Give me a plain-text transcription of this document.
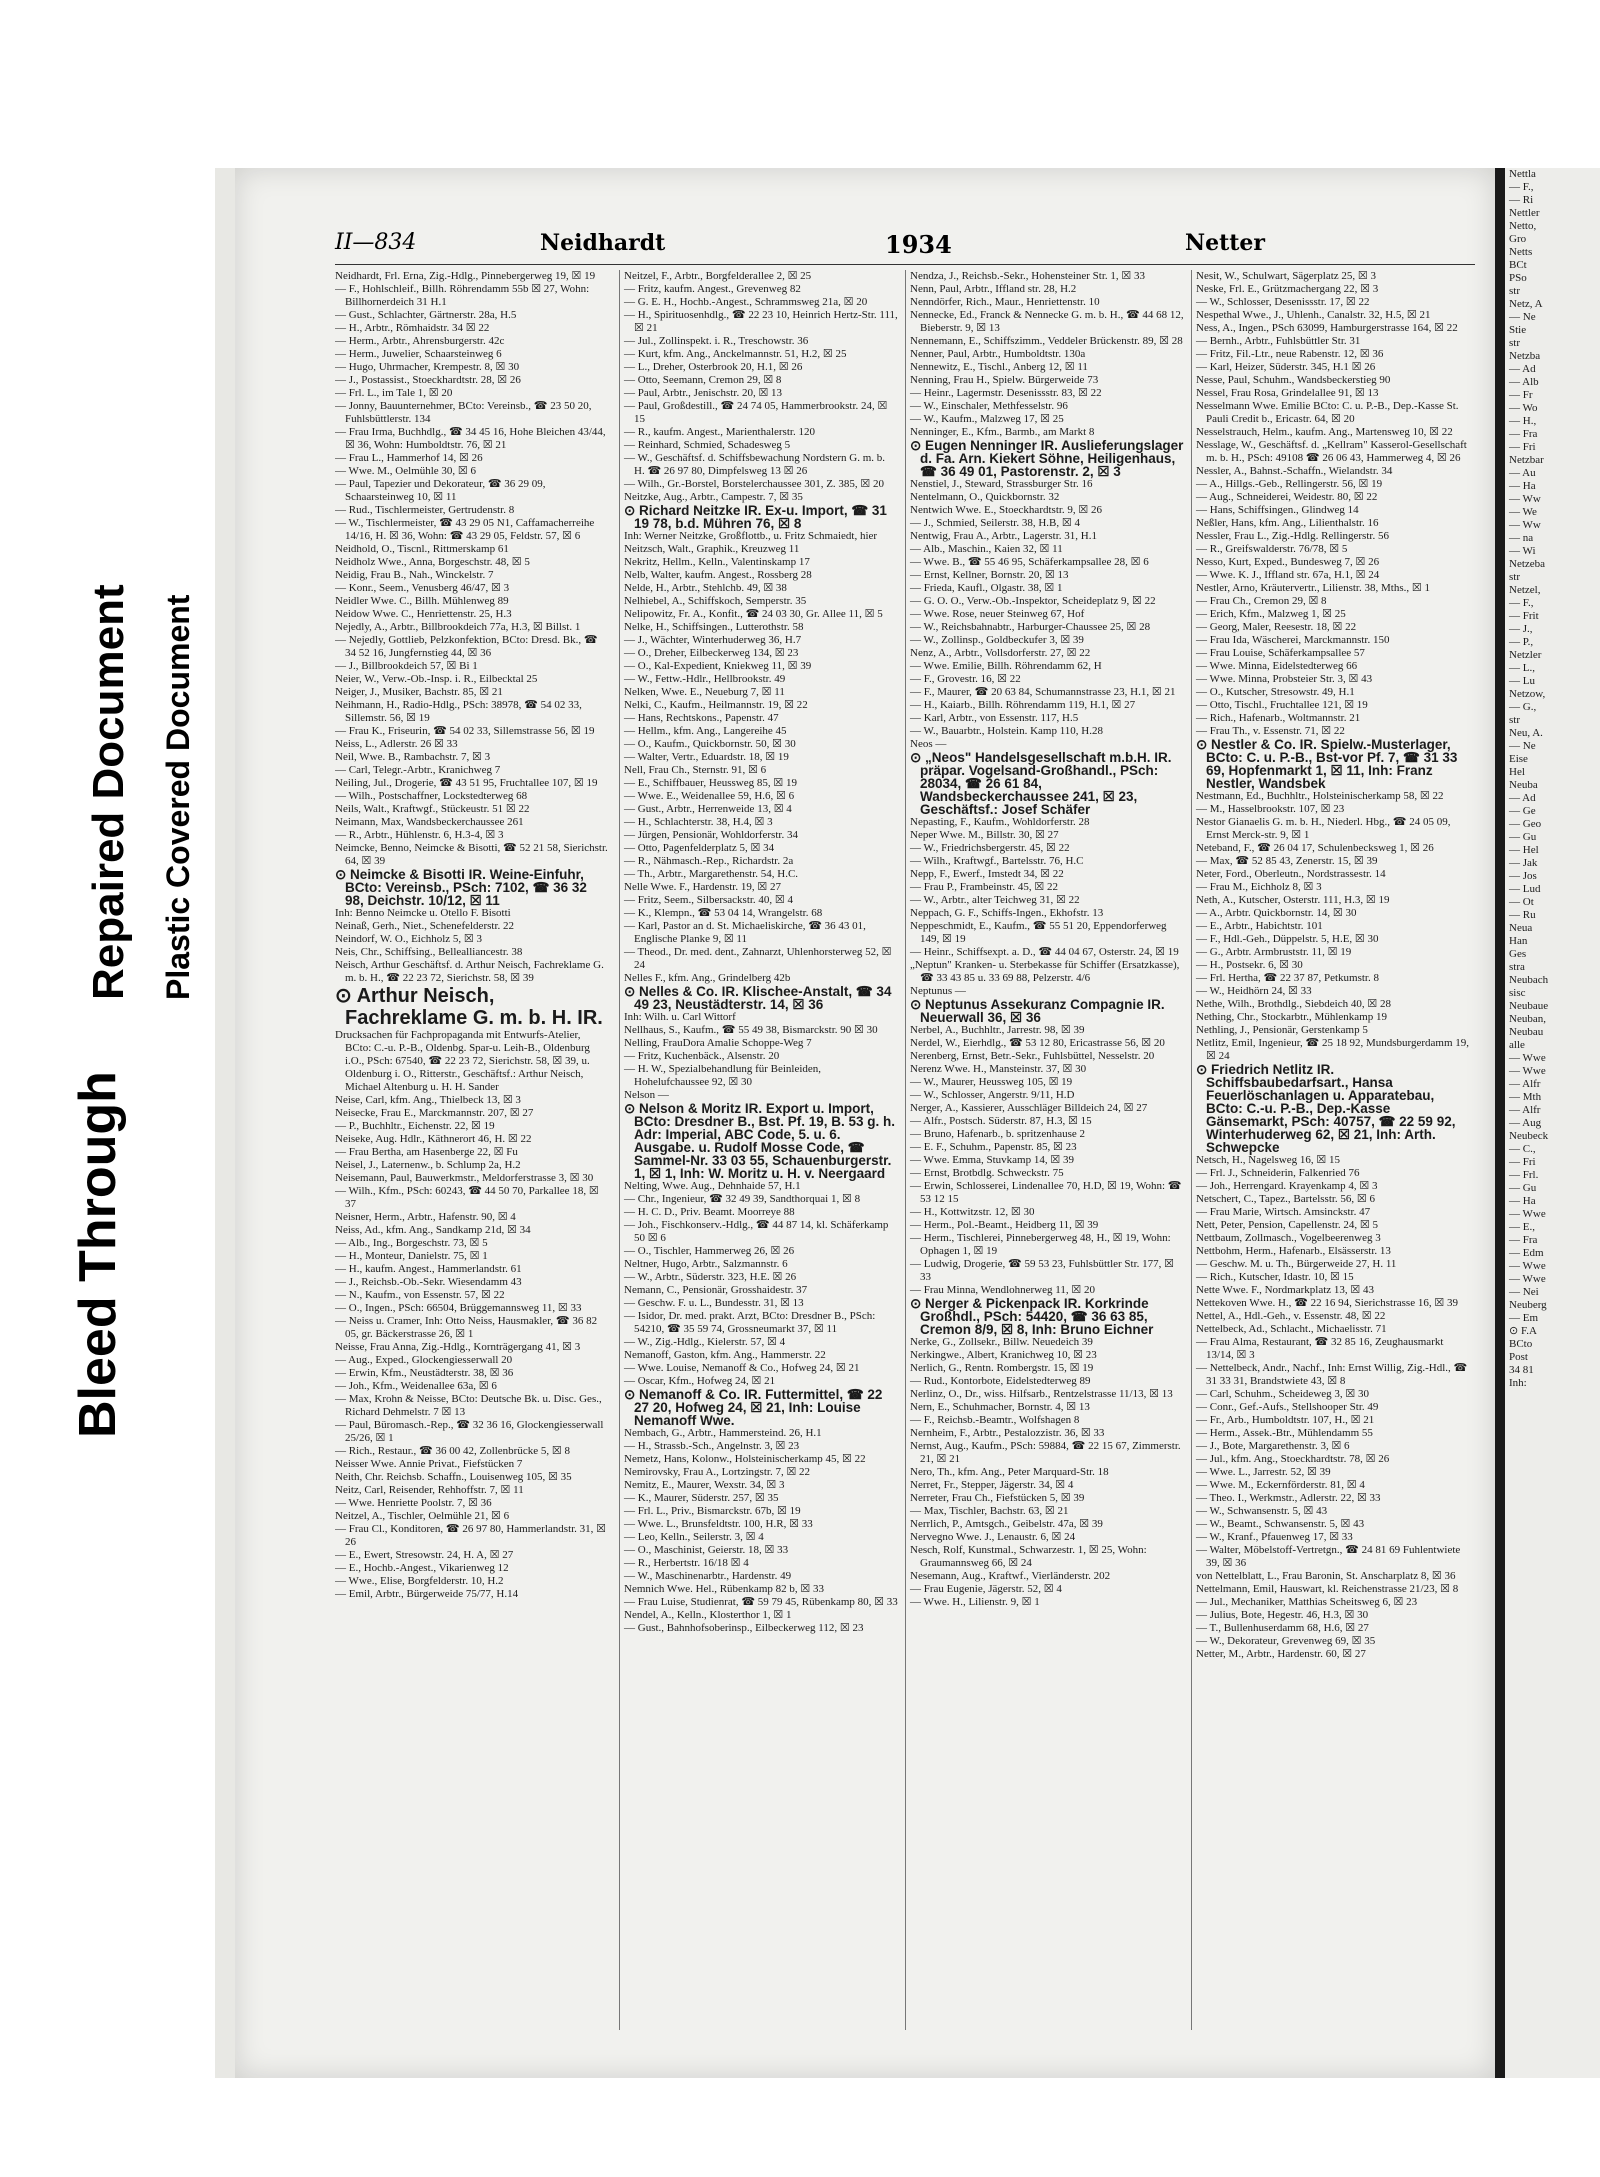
Bleed Through
Repaired Document Plastic Covered Document
II—834	Neidhardt	1934	Netter

Neidhardt, Frl. Erna, Zig.-Hdlg., Pinnebergerweg 19, ☒ 19

— F., Hohlschleif., Billh. Röhrendamm 55b ☒ 27, Wohn: Billhornerdeich 31 H.1

— Gust., Schlachter, Gärtnerstr. 28a, H.5

— H., Arbtr., Römhaidstr. 34 ☒ 22

— Herm., Arbtr., Ahrensburgerstr. 42c

— Herm., Juwelier, Schaarsteinweg 6

— Hugo, Uhrmacher, Krempestr. 8, ☒ 30

— J., Postassist., Stoeckhardtstr. 28, ☒ 26

— Frl. L., im Tale 1, ☒ 20

— Jonny, Bauunternehmer, BCto: Vereinsb., ☎ 23 50 20, Fuhlsbüttlerstr. 134

— Frau Irma, Buchhdlg., ☎ 34 45 16, Hohe Bleichen 43/44, ☒ 36, Wohn: Humboldtstr. 76, ☒ 21

— Frau L., Hammerhof 14, ☒ 26

— Wwe. M., Oelmühle 30, ☒ 6

— Paul, Tapezier und Dekorateur, ☎ 36 29 09, Schaarsteinweg 10, ☒ 11

— Rud., Tischlermeister, Gertrudenstr. 8

— W., Tischlermeister, ☎ 43 29 05 N1, Caffamacherreihe 14/16, H. ☒ 36, Wohn: ☎ 43 29 05, Feldstr. 57, ☒ 6

Neidhold, O., Tiscnl., Rittmerskamp 61

Neidholz Wwe., Anna, Borgeschstr. 48, ☒ 5

Neidig, Frau B., Nah., Winckelstr. 7

— Konr., Seem., Venusberg 46/47, ☒ 3

Neidler Wwe. C., Billh. Mühlenweg 89

Neidow Wwe. C., Henriettenstr. 25, H.3

Nejedly, A., Arbtr., Billbrookdeich 77a, H.3, ☒ Billst. 1

— Nejedly, Gottlieb, Pelzkonfektion, BCto: Dresd. Bk., ☎ 34 52 16, Jungfernstieg 44, ☒ 36

— J., Billbrookdeich 57, ☒ Bi 1

Neier, W., Verw.-Ob.-Insp. i. R., Eilbecktal 25

Neiger, J., Musiker, Bachstr. 85, ☒ 21

Neihmann, H., Radio-Hdlg., PSch: 38978, ☎ 54 02 33, Sillemstr. 56, ☒ 19

— Frau K., Friseurin, ☎ 54 02 33, Sillemstrasse 56, ☒ 19

Neiss, L., Adlerstr. 26 ☒ 33

Neil, Wwe. B., Rambachstr. 7, ☒ 3

— Carl, Telegr.-Arbtr., Kranichweg 7

Neiling, Jul., Drogerie, ☎ 43 51 95, Fruchtallee 107, ☒ 19

— Wilh., Postschaffner, Lockstedterweg 68

Neils, Walt., Kraftwgf., Stückeustr. 51 ☒ 22

Neimann, Max, Wandsbeckerchaussee 261

— R., Arbtr., Hühlenstr. 6, H.3-4, ☒ 3

Neimcke, Benno, Neimcke & Bisotti, ☎ 52 21 58, Sierichstr. 64, ☒ 39

⊙ Neimcke & Bisotti IR. Weine-Einfuhr, BCto: Vereinsb., PSch: 7102, ☎ 36 32 98, Deichstr. 10/12, ☒ 11

Inh: Benno Neimcke u. Otello F. Bisotti

Neinaß, Gerh., Niet., Schenefelderstr. 22

Neindorf, W. O., Eichholz 5, ☒ 3

Neis, Chr., Schiffsing., Bellealliancestr. 38

Neisch, Arthur Geschäftsf. d. Arthur Neisch, Fachreklame G. m. b. H., ☎ 22 23 72, Sierichstr. 58, ☒ 39

⊙ Arthur Neisch, Fachreklame G. m. b. H. IR.

Drucksachen für Fachpropaganda mit Entwurfs-Atelier, BCto: C.-u. P.-B., Oldenbg. Spar-u. Leih-B., Oldenburg i.O., PSch: 67540, ☎ 22 23 72, Sierichstr. 58, ☒ 39, u. Oldenburg i. O., Ritterstr., Geschäftsf.: Arthur Neisch, Michael Altenburg u. H. H. Sander

Neise, Carl, kfm. Ang., Thielbeck 13, ☒ 3

Neisecke, Frau E., Marckmannstr. 207, ☒ 27

— P., Buchhltr., Eichenstr. 22, ☒ 19

Neiseke, Aug. Hdlr., Käthnerort 46, H. ☒ 22

— Frau Bertha, am Hasenberge 22, ☒ Fu

Neisel, J., Laternenw., b. Schlump 2a, H.2

Neisemann, Paul, Bauwerkmstr., Meldorferstrasse 3, ☒ 30

— Wilh., Kfm., PSch: 60243, ☎ 44 50 70, Parkallee 18, ☒ 37

Neisner, Herm., Arbtr., Hafenstr. 90, ☒ 4

Neiss, Ad., kfm. Ang., Sandkamp 21d, ☒ 34

— Alb., Ing., Borgeschstr. 73, ☒ 5

— H., Monteur, Danielstr. 75, ☒ 1

— H., kaufm. Angest., Hammerlandstr. 61

— J., Reichsb.-Ob.-Sekr. Wiesendamm 43

— N., Kaufm., von Essenstr. 57, ☒ 22

— O., Ingen., PSch: 66504, Brüggemannsweg 11, ☒ 33

— Neiss u. Cramer, Inh: Otto Neiss, Hausmakler, ☎ 36 82 05, gr. Bäckerstrasse 26, ☒ 1

Neisse, Frau Anna, Zig.-Hdlg., Kornträgergang 41, ☒ 3

— Aug., Exped., Glockengiesserwall 20

— Erwin, Kfm., Neustädterstr. 38, ☒ 36

— Joh., Kfm., Weidenallee 63a, ☒ 6

— Max, Krohn & Neisse, BCto: Deutsche Bk. u. Disc. Ges., Richard Dehmelstr. 7 ☒ 13

— Paul, Büromasch.-Rep., ☎ 32 36 16, Glockengiesserwall 25/26, ☒ 1

— Rich., Restaur., ☎ 36 00 42, Zollenbrücke 5, ☒ 8

Neisser Wwe. Annie Privat., Fiefstücken 7

Neith, Chr. Reichsb. Schaffn., Louisenweg 105, ☒ 35

Neitz, Carl, Reisender, Rehhoffstr. 7, ☒ 11

— Wwe. Henriette Poolstr. 7, ☒ 36

Neitzel, A., Tischler, Oelmühle 21, ☒ 6

— Frau Cl., Konditoren, ☎ 26 97 80, Hammerlandstr. 31, ☒ 26

— E., Ewert, Stresowstr. 24, H. A, ☒ 27

— E., Hochb.-Angest., Vikarienweg 12

— Wwe., Elise, Borgfelderstr. 10, H.2

— Emil, Arbtr., Bürgerweide 75/77, H.14

Neitzel, F., Arbtr., Borgfelderallee 2, ☒ 25

— Fritz, kaufm. Angest., Grevenweg 82

— G. E. H., Hochb.-Angest., Schrammsweg 21a, ☒ 20

— H., Spirituosenhdlg., ☎ 22 23 10, Heinrich Hertz-Str. 111, ☒ 21

— Jul., Zollinspekt. i. R., Treschowstr. 36

— Kurt, kfm. Ang., Anckelmannstr. 51, H.2, ☒ 25

— L., Dreher, Osterbrook 20, H.1, ☒ 26

— Otto, Seemann, Cremon 29, ☒ 8

— Paul, Arbtr., Jenischstr. 20, ☒ 13

— Paul, Großdestill., ☎ 24 74 05, Hammerbrookstr. 24, ☒ 15

— R., kaufm. Angest., Marienthalerstr. 120

— Reinhard, Schmied, Schadesweg 5

— W., Geschäftsf. d. Schiffsbewachung Nordstern G. m. b. H. ☎ 26 97 80, Dimpfelsweg 13 ☒ 26

— Wilh., Gr.-Borstel, Borstelerchaussee 301, Z. 385, ☒ 20

Neitzke, Aug., Arbtr., Campestr. 7, ☒ 35

⊙ Richard Neitzke IR. Ex-u. Import, ☎ 31 19 78, b.d. Mühren 76, ☒ 8

Inh: Werner Neitzke, Großflottb., u. Fritz Schmaiedt, hier

Neitzsch, Walt., Graphik., Kreuzweg 11

Nekritz, Hellm., Kelln., Valentinskamp 17

Nelb, Walter, kaufm. Angest., Rossberg 28

Nelde, H., Arbtr., Stehlchb. 49, ☒ 38

Nelhiebel, A., Schiffskoch, Semperstr. 35

Nelipowitz, Fr. A., Konfit., ☎ 24 03 30, Gr. Allee 11, ☒ 5

Nelke, H., Schiffsingen., Lutterothstr. 58

— J., Wächter, Winterhuderweg 36, H.7

— O., Dreher, Eilbeckerweg 134, ☒ 23

— O., Kal-Expedient, Kniekweg 11, ☒ 39

— W., Fettw.-Hdlr., Hellbrookstr. 49

Nelken, Wwe. E., Neueburg 7, ☒ 11

Nelki, C., Kaufm., Heilmannstr. 19, ☒ 22

— Hans, Rechtskons., Papenstr. 47

— Hellm., kfm. Ang., Langereihe 45

— O., Kaufm., Quickbornstr. 50, ☒ 30

— Walter, Vertr., Eduardstr. 18, ☒ 19

Nell, Frau Ch., Sternstr. 91, ☒ 6

— E., Schiffbauer, Heussweg 85, ☒ 19

— Wwe. E., Weidenallee 59, H.6, ☒ 6

— Gust., Arbtr., Herrenweide 13, ☒ 4

— H., Schlachterstr. 38, H.4, ☒ 3

— Jürgen, Pensionär, Wohldorferstr. 34

— Otto, Pagenfelderplatz 5, ☒ 34

— R., Nähmasch.-Rep., Richardstr. 2a

— Th., Arbtr., Margarethenstr. 54, H.C.

Nelle Wwe. F., Hardenstr. 19, ☒ 27

— Fritz, Seem., Silbersackstr. 40, ☒ 4

— K., Klempn., ☎ 53 04 14, Wrangelstr. 68

— Karl, Pastor an d. St. Michaeliskirche, ☎ 36 43 01, Englische Planke 9, ☒ 11

— Theod., Dr. med. dent., Zahnarzt, Uhlenhorsterweg 52, ☒ 24

Nelles F., kfm. Ang., Grindelberg 42b

⊙ Nelles & Co. IR. Klischee-Anstalt, ☎ 34 49 23, Neustädterstr. 14, ☒ 36

Inh: Wilh. u. Carl Wittorf

Nellhaus, S., Kaufm., ☎ 55 49 38, Bismarckstr. 90 ☒ 30

Nelling, FrauDora Amalie Schoppe-Weg 7

— Fritz, Kuchenbäck., Alsenstr. 20

— H. W., Spezialbehandlung für Beinleiden, Hohelufchaussee 92, ☒ 30

Nelson —

⊙ Nelson & Moritz IR. Export u. Import, BCto: Dresdner B., Bst. Pf. 19, B. 53 g. h. Adr: Imperial, ABC Code, 5. u. 6. Ausgabe. u. Rudolf Mosse Code, ☎ Sammel-Nr. 33 03 55, Schauenburgerstr. 1, ☒ 1, Inh: W. Moritz u. H. v. Neergaard

Nelting, Wwe. Aug., Dehnhaide 57, H.1

— Chr., Ingenieur, ☎ 32 49 39, Sandthorquai 1, ☒ 8

— H. C. D., Priv. Beamt. Moorreye 88

— Joh., Fischkonserv.-Hdlg., ☎ 44 87 14, kl. Schäferkamp 50 ☒ 6

— O., Tischler, Hammerweg 26, ☒ 26

Neltner, Hugo, Arbtr., Salzmannstr. 6

— W., Arbtr., Süderstr. 323, H.E. ☒ 26

Nemann, C., Pensionär, Grosshaidestr. 37

— Geschw. F. u. L., Bundesstr. 31, ☒ 13

— Isidor, Dr. med. prakt. Arzt, BCto: Dresdner B., PSch: 54210, ☎ 35 59 74, Grossneumarkt 37, ☒ 11

— W., Zig.-Hdlg., Kielerstr. 57, ☒ 4

Nemanoff, Gaston, kfm. Ang., Hammerstr. 22

— Wwe. Louise, Nemanoff & Co., Hofweg 24, ☒ 21

— Oscar, Kfm., Hofweg 24, ☒ 21

⊙ Nemanoff & Co. IR. Futtermittel, ☎ 22 27 20, Hofweg 24, ☒ 21, Inh: Louise Nemanoff Wwe.

Nembach, G., Arbtr., Hammersteind. 26, H.1

— H., Strassb.-Sch., Angelnstr. 3, ☒ 23

Nemetz, Hans, Kolonw., Holsteinischerkamp 45, ☒ 22

Nemirovsky, Frau A., Lortzingstr. 7, ☒ 22

Nemitz, E., Maurer, Wexstr. 34, ☒ 3

— K., Maurer, Süderstr. 257, ☒ 35

— Frl. L., Priv., Bismarckstr. 67b, ☒ 19

— Wwe. L., Brunsfeldtstr. 100, H.R, ☒ 33

— Leo, Kelln., Seilerstr. 3, ☒ 4

— O., Maschinist, Geierstr. 18, ☒ 33

— R., Herbertstr. 16/18 ☒ 4

— W., Maschinenarbtr., Hardenstr. 49

Nemnich Wwe. Hel., Rübenkamp 82 b, ☒ 33

— Frau Luise, Studienrat, ☎ 59 79 45, Rübenkamp 80, ☒ 33

Nendel, A., Kelln., Klosterthor 1, ☒ 1

— Gust., Bahnhofsoberinsp., Eilbeckerweg 112, ☒ 23

Nendza, J., Reichsb.-Sekr., Hohensteiner Str. 1, ☒ 33

Nenn, Paul, Arbtr., Iffland str. 28, H.2

Nenndörfer, Rich., Maur., Henriettenstr. 10

Nennecke, Ed., Franck & Nennecke G. m. b. H., ☎ 44 68 12, Bieberstr. 9, ☒ 13

Nennemann, E., Schiffszimm., Veddeler Brückenstr. 89, ☒ 28

Nenner, Paul, Arbtr., Humboldtstr. 130a

Nennewitz, E., Tischl., Anberg 12, ☒ 11

Nenning, Frau H., Spielw. Bürgerweide 73

— Heinr., Lagermstr. Desenissstr. 83, ☒ 22

— W., Einschaler, Methfesselstr. 96

— W., Kaufm., Malzweg 17, ☒ 25

Nenninger, E., Kfm., Barmb., am Markt 8

⊙ Eugen Nenninger IR. Auslieferungslager d. Fa. Arn. Kiekert Söhne, Heiligenhaus, ☎ 36 49 01, Pastorenstr. 2, ☒ 3

Nenstiel, J., Steward, Strassburger Str. 16

Nentelmann, O., Quickbornstr. 32

Nentwich Wwe. E., Stoeckhardtstr. 9, ☒ 26

— J., Schmied, Seilerstr. 38, H.B, ☒ 4

Nentwig, Frau A., Arbtr., Lagerstr. 31, H.1

— Alb., Maschin., Kaien 32, ☒ 11

— Wwe. B., ☎ 55 46 95, Schäferkampsallee 28, ☒ 6

— Ernst, Kellner, Bornstr. 20, ☒ 13

— Frieda, Kaufl., Olgastr. 38, ☒ 1

— G. O. O., Verw.-Ob.-Inspektor, Scheideplatz 9, ☒ 22

— Wwe. Rose, neuer Steinweg 67, Hof

— W., Reichsbahnabtr., Harburger-Chaussee 25, ☒ 28

— W., Zollinsp., Goldbeckufer 3, ☒ 39

Nenz, A., Arbtr., Vollsdorferstr. 27, ☒ 22

— Wwe. Emilie, Billh. Röhrendamm 62, H

— F., Grovestr. 16, ☒ 22

— F., Maurer, ☎ 20 63 84, Schumannstrasse 23, H.1, ☒ 21

— H., Kaiarb., Billh. Röhrendamm 119, H.1, ☒ 27

— Karl, Arbtr., von Essenstr. 117, H.5

— W., Bauarbtr., Holstein. Kamp 110, H.28

Neos —

⊙ „Neos" Handelsgesellschaft m.b.H. IR. präpar. Vogelsand-Großhandl., PSch: 28034, ☎ 26 61 84, Wandsbeckerchaussee 241, ☒ 23, Geschäftsf.: Josef Schäfer

Nepasting, F., Kaufm., Wohldorferstr. 28

Neper Wwe. M., Billstr. 30, ☒ 27

— W., Friedrichsbergerstr. 45, ☒ 22

— Wilh., Kraftwgf., Bartelsstr. 76, H.C

Nepp, F., Ewerf., Imstedt 34, ☒ 22

— Frau P., Frambeinstr. 45, ☒ 22

— W., Arbtr., alter Teichweg 31, ☒ 22

Neppach, G. F., Schiffs-Ingen., Ekhofstr. 13

Neppeschmidt, E., Kaufm., ☎ 55 51 20, Eppendorferweg 149, ☒ 19

— Heinr., Schiffsexpt. a. D., ☎ 44 04 67, Osterstr. 24, ☒ 19

„Neptun" Kranken- u. Sterbekasse für Schiffer (Ersatzkasse), ☎ 33 43 85 u. 33 69 88, Pelzerstr. 4/6

Neptunus —

⊙ Neptunus Assekuranz Compagnie IR. Neuerwall 36, ☒ 36

Nerbel, A., Buchhltr., Jarrestr. 98, ☒ 39

Nerdel, W., Eierhdlg., ☎ 53 12 80, Ericastrasse 56, ☒ 20

Nerenberg, Ernst, Betr.-Sekr., Fuhlsbüttel, Nesselstr. 20

Nerenz Wwe. H., Mansteinstr. 37, ☒ 30

— W., Maurer, Heussweg 105, ☒ 19

— W., Schlosser, Angerstr. 9/11, H.D

Nerger, A., Kassierer, Ausschläger Billdeich 24, ☒ 27

— Alfr., Postsch. Süderstr. 87, H.3, ☒ 15

— Bruno, Hafenarb., b. spritzenhause 2

— E. F., Schuhm., Papenstr. 85, ☒ 23

— Wwe. Emma, Stuvkamp 14, ☒ 39

— Ernst, Brotbdlg. Schweckstr. 75

— Erwin, Schlosserei, Lindenallee 70, H.D, ☒ 19, Wohn: ☎ 53 12 15

— H., Kottwitzstr. 12, ☒ 30

— Herm., Pol.-Beamt., Heidberg 11, ☒ 39

— Herm., Tischlerei, Pinnebergerweg 48, H., ☒ 19, Wohn: Ophagen 1, ☒ 19

— Ludwig, Drogerie, ☎ 59 53 23, Fuhlsbüttler Str. 177, ☒ 33

— Frau Minna, Wendlohnerweg 11, ☒ 20

⊙ Nerger & Pickenpack IR. Korkrinde Großhdl., PSch: 54420, ☎ 36 63 85, Cremon 8/9, ☒ 8, Inh: Bruno Eichner

Nerke, G., Zollsekr., Billw. Neuedeich 39

Nerkingwe., Albert, Kranichweg 10, ☒ 23

Nerlich, G., Rentn. Rombergstr. 15, ☒ 19

— Rud., Kontorbote, Eidelstedterweg 89

Nerlinz, O., Dr., wiss. Hilfsarb., Rentzelstrasse 11/13, ☒ 13

Nern, E., Schuhmacher, Bornstr. 4, ☒ 13

— F., Reichsb.-Beamtr., Wolfshagen 8

Nernheim, F., Arbtr., Pestalozzistr. 36, ☒ 33

Nernst, Aug., Kaufm., PSch: 59884, ☎ 22 15 67, Zimmerstr. 21, ☒ 21

Nero, Th., kfm. Ang., Peter Marquard-Str. 18

Nerret, Fr., Stepper, Jägerstr. 34, ☒ 4

Nerreter, Frau Ch., Fiefstücken 5, ☒ 39

— Max, Tischler, Bachstr. 63, ☒ 21

Nerrlich, P., Amtsgch., Geibelstr. 47a, ☒ 39

Nervegno Wwe. J., Lenaustr. 6, ☒ 24

Nesch, Rolf, Kunstmal., Schwarzestr. 1, ☒ 25, Wohn: Graumannsweg 66, ☒ 24

Nesemann, Aug., Kraftwf., Vierländerstr. 202

— Frau Eugenie, Jägerstr. 52, ☒ 4

— Wwe. H., Lilienstr. 9, ☒ 1

Nesit, W., Schulwart, Sägerplatz 25, ☒ 3

Neske, Frl. E., Grützmachergang 22, ☒ 3

— W., Schlosser, Desenissstr. 17, ☒ 22

Nespethal Wwe., J., Uhlenh., Canalstr. 32, H.5, ☒ 21

Ness, A., Ingen., PSch 63099, Hamburgerstrasse 164, ☒ 22

— Bernh., Arbtr., Fuhlsbüttler Str. 31

— Fritz, Fil.-Ltr., neue Rabenstr. 12, ☒ 36

— Karl, Heizer, Süderstr. 345, H.1 ☒ 26

Nesse, Paul, Schuhm., Wandsbeckerstieg 90

Nessel, Frau Rosa, Grindelallee 91, ☒ 13

Nesselmann Wwe. Emilie BCto: C. u. P.-B., Dep.-Kasse St. Pauli Credit b., Ericastr. 64, ☒ 20

Nesselstrauch, Helm., kaufm. Ang., Martensweg 10, ☒ 22

Nesslage, W., Geschäftsf. d. „Kellram" Kasserol-Gesellschaft m. b. H., PSch: 49108 ☎ 26 06 43, Hammerweg 4, ☒ 26

Nessler, A., Bahnst.-Schaffn., Wielandstr. 34

— A., Hillgs.-Geb., Rellingerstr. 56, ☒ 19

— Aug., Schneiderei, Weidestr. 80, ☒ 22

— Hans, Schiffsingen., Glindweg 14

Neßler, Hans, kfm. Ang., Lilienthalstr. 16

Nessler, Frau L., Zig.-Hdlg. Rellingerstr. 56

— R., Greifswalderstr. 76/78, ☒ 5

Nesso, Kurt, Exped., Bundesweg 7, ☒ 26

— Wwe. K. J., Iffland str. 67a, H.1, ☒ 24

Nestler, Arno, Kräutervertr., Lilienstr. 38, Mths., ☒ 1

— Frau Ch., Cremon 29, ☒ 8

— Erich, Kfm., Malzweg 1, ☒ 25

— Georg, Maler, Reesestr. 18, ☒ 22

— Frau Ida, Wäscherei, Marckmannstr. 150

— Frau Louise, Schäferkampsallee 57

— Wwe. Minna, Eidelstedterweg 66

— Wwe. Minna, Probsteier Str. 3, ☒ 43

— O., Kutscher, Stresowstr. 49, H.1

— Otto, Tischl., Fruchtallee 121, ☒ 19

— Rich., Hafenarb., Woltmannstr. 21

— Frau Th., v. Essenstr. 71, ☒ 22

⊙ Nestler & Co. IR. Spielw.-Musterlager, BCto: C. u. P.-B., Bst-vor Pf. 7, ☎ 31 33 69, Hopfenmarkt 1, ☒ 11, Inh: Franz Nestler, Wandsbek

Nestmann, Ed., Buchhltr., Holsteinischerkamp 58, ☒ 22

— M., Hasselbrookstr. 107, ☒ 23

Nestor Gianaelis G. m. b. H., Niederl. Hbg., ☎ 24 05 09, Ernst Merck-str. 9, ☒ 1

Neteband, F., ☎ 26 04 17, Schulenbecksweg 1, ☒ 26

— Max, ☎ 52 85 43, Zenerstr. 15, ☒ 39

Neter, Ford., Oberleutn., Nordstrassestr. 14

— Frau M., Eichholz 8, ☒ 3

Neth, A., Kutscher, Osterstr. 111, H.3, ☒ 19

— A., Arbtr. Quickbornstr. 14, ☒ 30

— E., Arbtr., Habichtstr. 101

— F., Hdl.-Geh., Düppelstr. 5, H.E, ☒ 30

— G., Arbtr. Armbruststr. 11, ☒ 19

— H., Postsekr. 6, ☒ 30

— Frl. Hertha, ☎ 22 37 87, Petkumstr. 8

— W., Heidhörn 24, ☒ 33

Nethe, Wilh., Brothdlg., Siebdeich 40, ☒ 28

Nething, Chr., Stockarbtr., Mühlenkamp 19

Nethling, J., Pensionär, Gerstenkamp 5

Netlitz, Emil, Ingenieur, ☎ 25 18 92, Mundsburgerdamm 19, ☒ 24

⊙ Friedrich Netlitz IR. Schiffsbaubedarfsart., Hansa Feuerlöschanlagen u. Apparatebau, BCto: C.-u. P.-B., Dep.-Kasse Gänsemarkt, PSch: 40757, ☎ 22 59 92, Winterhuderweg 62, ☒ 21, Inh: Arth. Schwepcke

Netsch, H., Nagelsweg 16, ☒ 15

— Frl. J., Schneiderin, Falkenried 76

— Joh., Herrengard. Krayenkamp 4, ☒ 3

Netschert, C., Tapez., Bartelsstr. 56, ☒ 6

— Frau Marie, Wirtsch. Amsinckstr. 47

Nett, Peter, Pension, Capellenstr. 24, ☒ 5

Nettbaum, Zollmasch., Vogelbeerenweg 3

Nettbohm, Herm., Hafenarb., Elsässerstr. 13

— Geschw. M. u. Th., Bürgerweide 27, H. 11

— Rich., Kutscher, Idastr. 10, ☒ 15

Nette Wwe. F., Nordmarkplatz 13, ☒ 43

Nettekoven Wwe. H., ☎ 22 16 94, Sierichstrasse 16, ☒ 39

Nettel, A., Hdl.-Geh., v. Essenstr. 48, ☒ 22

Nettelbeck, Ad., Schlacht., Michaelisstr. 71

— Frau Alma, Restaurant, ☎ 32 85 16, Zeughausmarkt 13/14, ☒ 3

— Nettelbeck, Andr., Nachf., Inh: Ernst Willig, Zig.-Hdl., ☎ 31 33 31, Brandstwiete 43, ☒ 8

— Carl, Schuhm., Scheideweg 3, ☒ 30

— Conr., Gef.-Aufs., Stellshooper Str. 49

— Fr., Arb., Humboldtstr. 107, H., ☒ 21

— Herm., Assek.-Btr., Mühlendamm 55

— J., Bote, Margarethenstr. 3, ☒ 6

— Jul., kfm. Ang., Stoeckhardtstr. 78, ☒ 26

— Wwe. L., Jarrestr. 52, ☒ 39

— Wwe. M., Eckernförderstr. 81, ☒ 4

— Theo. I., Werkmstr., Adlerstr. 22, ☒ 33

— W., Schwansenstr. 5, ☒ 43

— W., Beamt., Schwansenstr. 5, ☒ 43

— W., Kranf., Pfauenweg 17, ☒ 33

— Walter, Möbelstoff-Vertretgn., ☎ 24 81 69 Fuhlentwiete 39, ☒ 36

von Nettelblatt, L., Frau Baronin, St. Anscharplatz 8, ☒ 36

Nettelmann, Emil, Hauswart, kl. Reichenstrasse 21/23, ☒ 8

— Jul., Mechaniker, Matthias Scheitsweg 6, ☒ 23

— Julius, Bote, Hegestr. 46, H.3, ☒ 30

— T., Bullenhuserdamm 68, H.6, ☒ 27

— W., Dekorateur, Grevenweg 69, ☒ 35

Netter, M., Arbtr., Hardenstr. 60, ☒ 27

Nettla
— F.,
— Ri
Nettler
Netto,
Gro
Netts
BCt
PSo
str
Netz, A
— Ne
Stie
str
Netzba
— Ad
— Alb
— Fr
— Wo
— H.,
— Fra
— Fri
Netzbar
— Au
— Ha
— Ww
— We
— Ww
— na
— Wi
Netzeba
str
Netzel,
— F.,
— Frit
— J.,
— P.,
Netzler
— L.,
— Lu
Netzow,
— G.,
str
Neu, A.
— Ne
Eise
Hel
Neuba
— Ad
— Ge
— Geo
— Gu
— Hel
— Jak
— Jos
— Lud
— Ot
— Ru
Neua
Han
Ges
stra
Neubach
sisc
Neubaue
Neuban,
Neubau
alle
— Wwe
— Wwe
— Alfr
— Mth
— Alfr
— Aug
Neubeck
— C.,
— Fri
— Frl.
— Gu
— Ha
— Wwe
— E.,
— Fra
— Edm
— Wwe
— Wwe
— Nei
Neuberg
— Em
⊙ F.A
BCto
Post
34 81
Inh:
